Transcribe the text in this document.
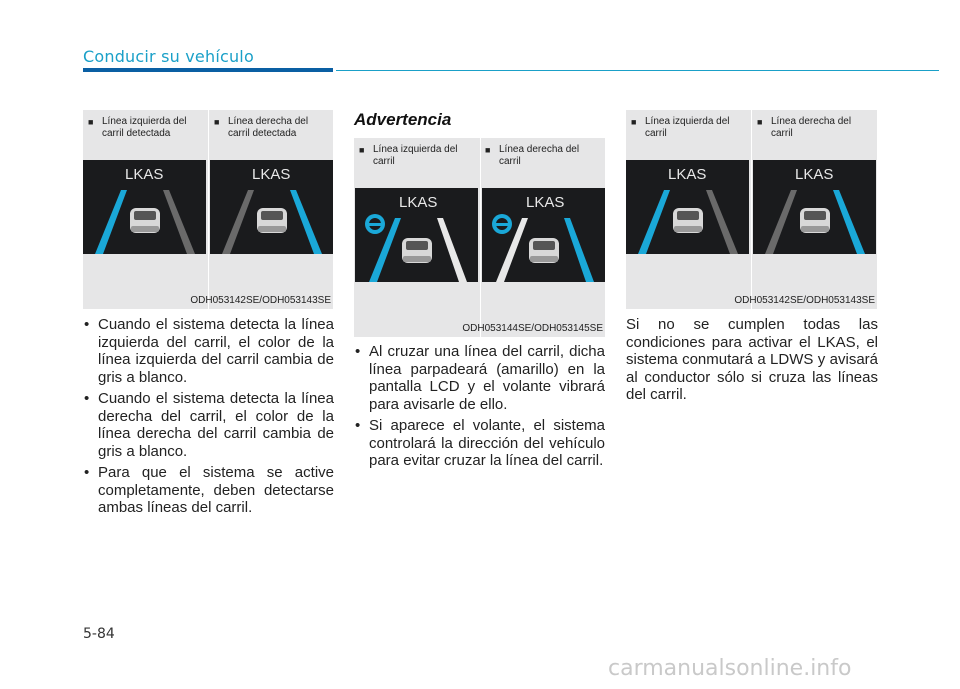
Conducir su vehículo
■ Línea izquierda del carril detectada
■ Línea derecha del carril detectada
LKAS	LKAS
ODH053142SE/ODH053143SE
• Cuando el sistema detecta la línea izquierda del carril, el color de la línea izquierda del carril cambia de gris a blanco.
• Cuando el sistema detecta la línea derecha del carril, el color de la línea derecha del carril cambia de gris a blanco.
• Para que el sistema se active completamente, deben detectarse ambas líneas del carril.
Advertencia
■ Línea izquierda del carril
■ Línea derecha del carril
LKAS	LKAS
ODH053144SE/ODH053145SE
• Al cruzar una línea del carril, dicha línea parpadeará (amarillo) en la pantalla LCD y el volante vibrará para avisarle de ello.
• Si aparece el volante, el sistema controlará la dirección del vehículo para evitar cruzar la línea del carril.
■ Línea izquierda del carril
■ Línea derecha del carril
LKAS	LKAS
ODH053142SE/ODH053143SE
Si no se cumplen todas las condiciones para activar el LKAS, el sistema conmutará a LDWS y avisará al conductor sólo si cruza las líneas del carril.
5-84
carmanualsonline.info
